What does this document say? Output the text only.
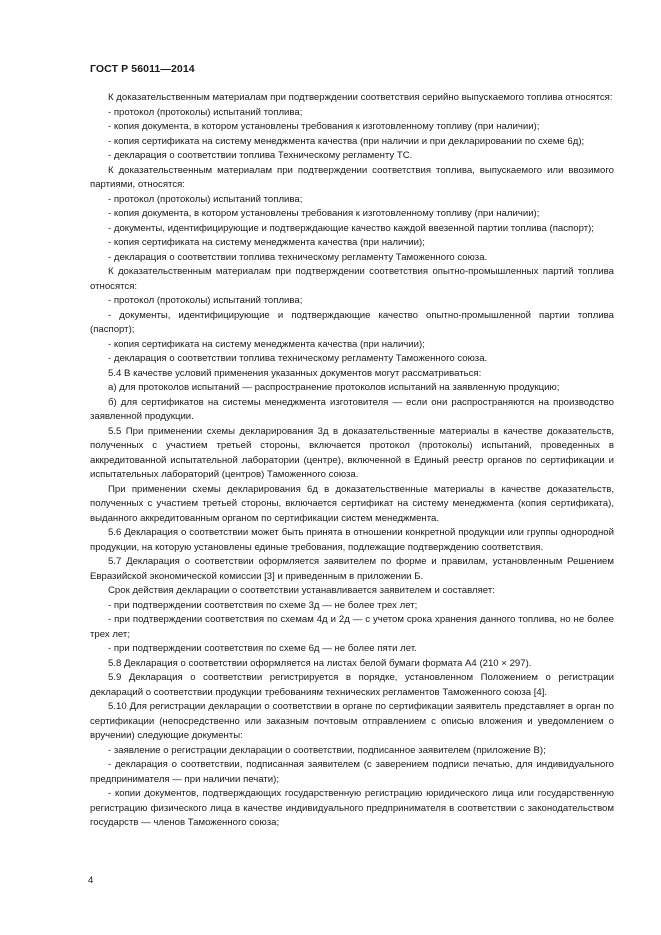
ГОСТ Р 56011—2014

К доказательственным материалам при подтверждении соответствия серийно выпускаемого топлива относятся:

- протокол (протоколы) испытаний топлива;

- копия документа, в котором установлены требования к изготовленному топливу (при наличии);

- копия сертификата на систему менеджмента качества (при наличии и при декларировании по схеме 6д);

- декларация о соответствии топлива Техническому регламенту ТС.

К доказательственным материалам при подтверждении соответствия топлива, выпускаемого или ввозимого партиями, относятся:

- протокол (протоколы) испытаний топлива;

- копия документа, в котором установлены требования к изготовленному топливу (при наличии);

- документы, идентифицирующие и подтверждающие качество каждой ввезенной партии топлива (паспорт);

- копия сертификата на систему менеджмента качества (при наличии);

- декларация о соответствии топлива техническому регламенту Таможенного союза.

К доказательственным материалам при подтверждении соответствия опытно-промышленных партий топлива относятся:

- протокол (протоколы) испытаний топлива;

- документы, идентифицирующие и подтверждающие качество опытно-промышленной партии топлива (паспорт);

- копия сертификата на систему менеджмента качества (при наличии);

- декларация о соответствии топлива техническому регламенту Таможенного союза.

5.4 В качестве условий применения указанных документов могут рассматриваться:

а) для протоколов испытаний — распространение протоколов испытаний на заявленную продукцию;

б) для сертификатов на системы менеджмента изготовителя — если они распространяются на производство заявленной продукции.

5.5 При применении схемы декларирования 3д в доказательственные материалы в качестве доказательств, полученных с участием третьей стороны, включается протокол (протоколы) испытаний, проведенных в аккредитованной испытательной лаборатории (центре), включенной в Единый реестр органов по сертификации и испытательных лабораторий (центров) Таможенного союза.

При применении схемы декларирования 6д в доказательственные материалы в качестве доказательств, полученных с участием третьей стороны, включается сертификат на систему менеджмента (копия сертификата), выданного аккредитованным органом по сертификации систем менеджмента.

5.6 Декларация о соответствии может быть принята в отношении конкретной продукции или группы однородной продукции, на которую установлены единые требования, подлежащие подтверждению соответствия.

5.7 Декларация о соответствии оформляется заявителем по форме и правилам, установленным Решением Евразийской экономической комиссии [3] и приведенным в приложении Б.

Срок действия декларации о соответствии устанавливается заявителем и составляет:

- при подтверждении соответствия по схеме 3д — не более трех лет;

- при подтверждении соответствия по схемам 4д и 2д — с учетом срока хранения данного топлива, но не более трех лет;

- при подтверждении соответствия по схеме 6д — не более пяти лет.

5.8 Декларация о соответствии оформляется на листах белой бумаги формата А4 (210 × 297).

5.9 Декларация о соответствии регистрируется в порядке, установленном Положением о регистрации деклараций о соответствии продукции требованиям технических регламентов Таможенного союза [4].

5.10 Для регистрации декларации о соответствии в органе по сертификации заявитель представляет в орган по сертификации (непосредственно или заказным почтовым отправлением с описью вложения и уведомлением о вручении) следующие документы:

- заявление о регистрации декларации о соответствии, подписанное заявителем (приложение В);

- декларация о соответствии, подписанная заявителем (с заверением подписи печатью, для индивидуального предпринимателя — при наличии печати);

- копии документов, подтверждающих государственную регистрацию юридического лица или государственную регистрацию физического лица в качестве индивидуального предпринимателя в соответствии с законодательством государств — членов Таможенного союза;

4
